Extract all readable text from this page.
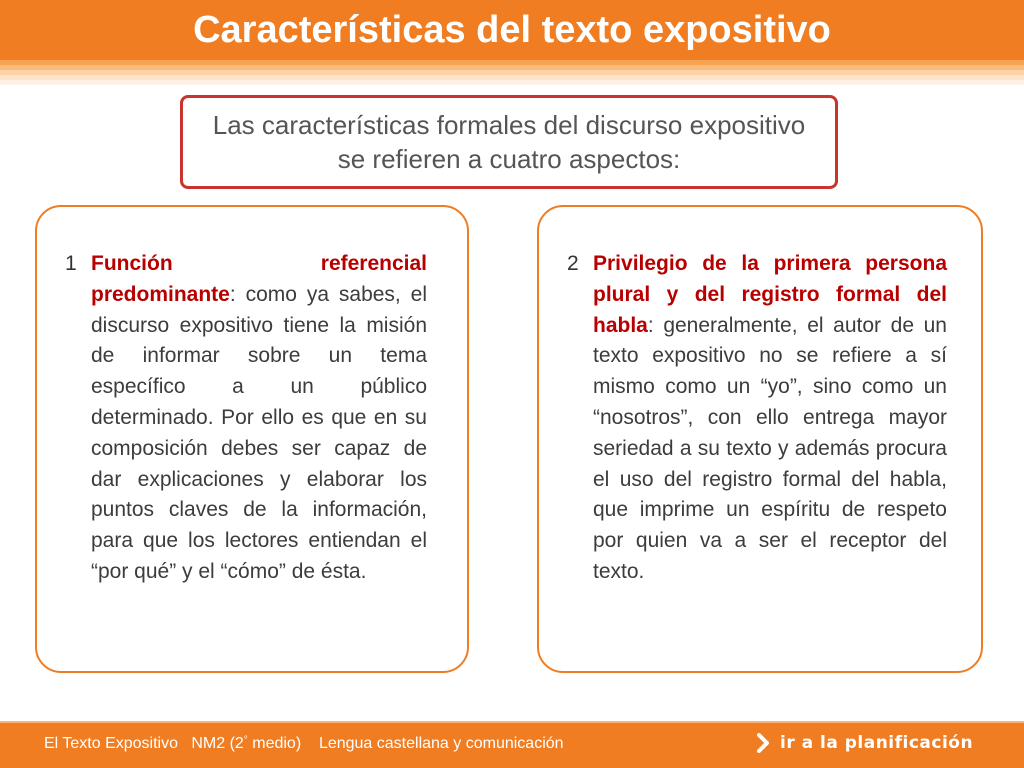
Características del texto expositivo
Las características formales del discurso expositivo se refieren a cuatro aspectos:
1 Función referencial predominante: como ya sabes, el discurso expositivo tiene la misión de informar sobre un tema específico a un público determinado. Por ello es que en su composición debes ser capaz de dar explicaciones y elaborar los puntos claves de la información, para que los lectores entiendan el “por qué” y el “cómo” de ésta.
2 Privilegio de la primera persona plural y del registro formal del habla: generalmente, el autor de un texto expositivo no se refiere a sí mismo como un “yo”, sino como un “nosotros”, con ello entrega mayor seriedad a su texto y además procura el uso del registro formal del habla, que imprime un espíritu de respeto por quien va a ser el receptor del texto.
El Texto Expositivo NM2 (2° medio) Lengua castellana y comunicación	ir a la planificación
